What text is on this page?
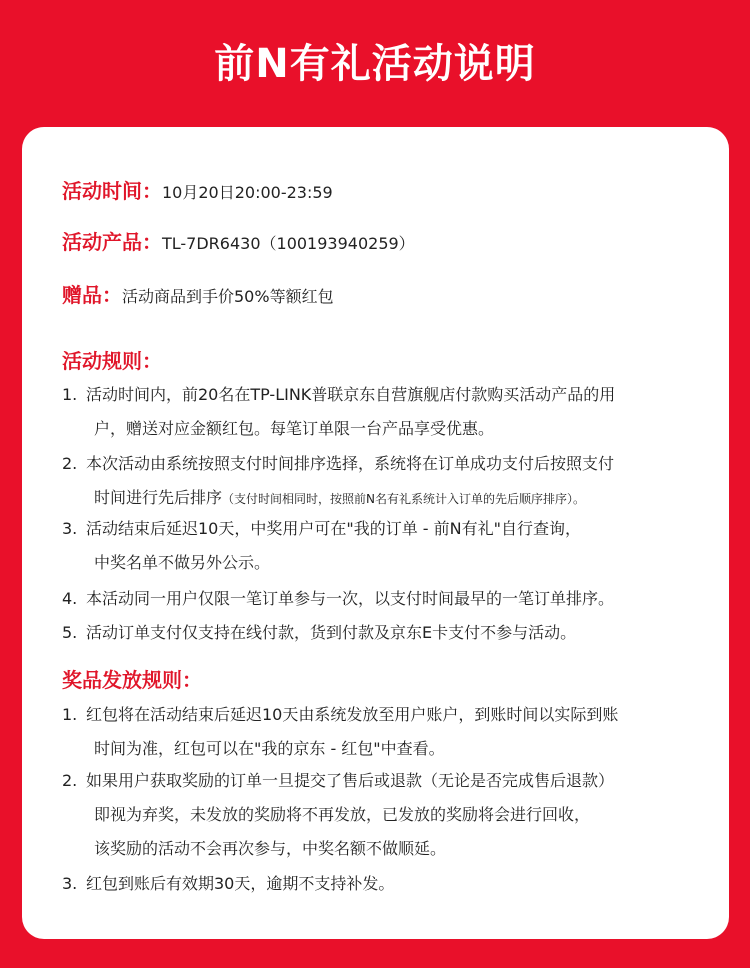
前N有礼活动说明
活动时间：10月20日20:00-23:59
活动产品：TL-7DR6430（100193940259）
赠品：活动商品到手价50%等额红包
活动规则：
1. 活动时间内，前20名在TP-LINK普联京东自营旗舰店付款购买活动产品的用
户，赠送对应金额红包。每笔订单限一台产品享受优惠。
2. 本次活动由系统按照支付时间排序选择，系统将在订单成功支付后按照支付
时间进行先后排序（支付时间相同时，按照前N名有礼系统计入订单的先后顺序排序）。
3. 活动结束后延迟10天，中奖用户可在"我的订单 - 前N有礼"自行查询，
中奖名单不做另外公示。
4. 本活动同一用户仅限一笔订单参与一次，以支付时间最早的一笔订单排序。
5. 活动订单支付仅支持在线付款，货到付款及京东E卡支付不参与活动。
奖品发放规则：
1. 红包将在活动结束后延迟10天由系统发放至用户账户，到账时间以实际到账
时间为准，红包可以在"我的京东 - 红包"中查看。
2. 如果用户获取奖励的订单一旦提交了售后或退款（无论是否完成售后退款）
即视为弃奖，未发放的奖励将不再发放，已发放的奖励将会进行回收，
该奖励的活动不会再次参与，中奖名额不做顺延。
3. 红包到账后有效期30天，逾期不支持补发。
